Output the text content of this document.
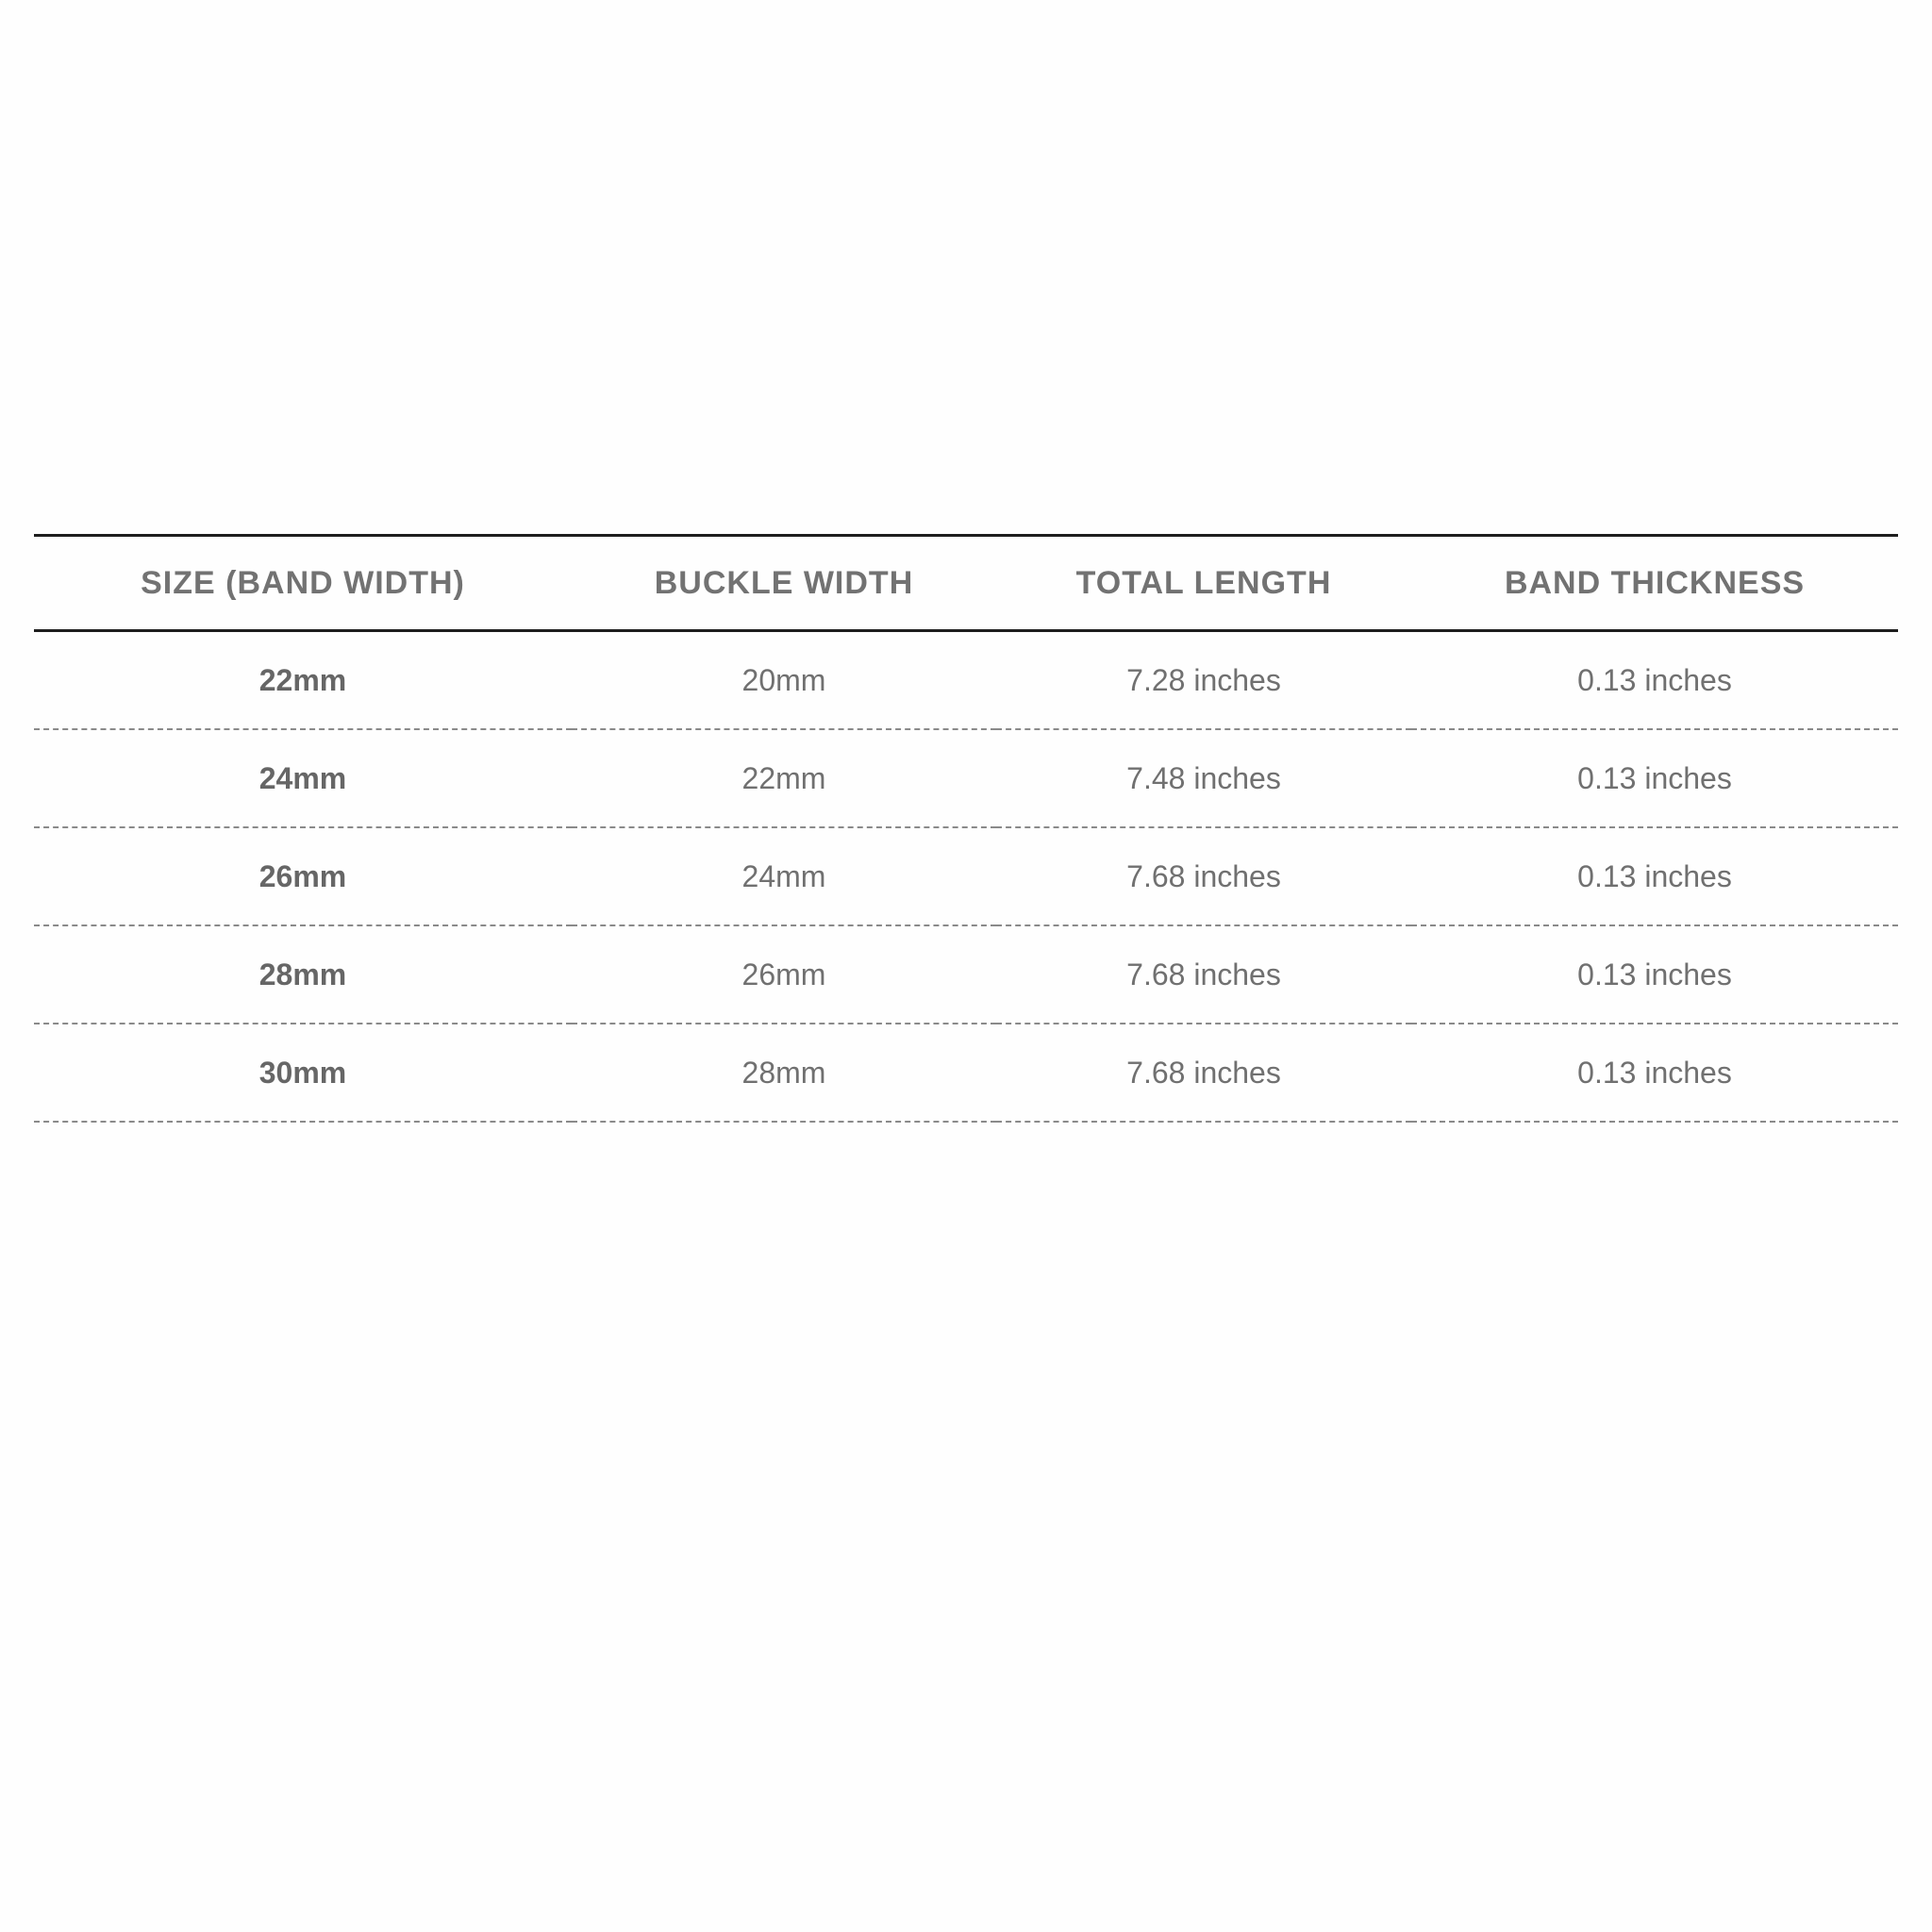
SIZE (BAND WIDTH)	BUCKLE WIDTH	TOTAL LENGTH	BAND THICKNESS
22mm	20mm	7.28 inches	0.13 inches
24mm	22mm	7.48 inches	0.13 inches
26mm	24mm	7.68 inches	0.13 inches
28mm	26mm	7.68 inches	0.13 inches
30mm	28mm	7.68 inches	0.13 inches
